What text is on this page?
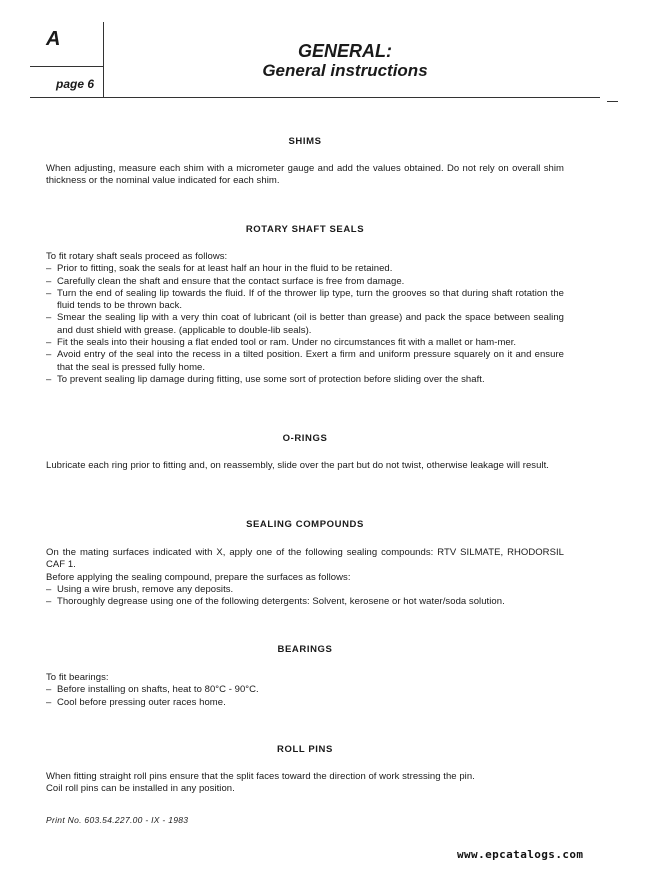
A
page 6
GENERAL:
General instructions
SHIMS
When adjusting, measure each shim with a micrometer gauge and add the values obtained. Do not rely on overall shim thickness or the nominal value indicated for each shim.
ROTARY SHAFT SEALS

To fit rotary shaft seals proceed as follows:

– Prior to fitting, soak the seals for at least half an hour in the fluid to be retained.
– Carefully clean the shaft and ensure that the contact surface is free from damage.
– Turn the end of sealing lip towards the fluid. If of the thrower lip type, turn the grooves so that during shaft rotation the fluid tends to be thrown back.
– Smear the sealing lip with a very thin coat of lubricant (oil is better than grease) and pack the space between sealing and dust shield with grease. (applicable to double-lib seals).
– Fit the seals into their housing a flat ended tool or ram. Under no circumstances fit with a mallet or ham-mer.
– Avoid entry of the seal into the recess in a tilted position. Exert a firm and uniform pressure squarely on it and ensure that the seal is pressed fully home.
– To prevent sealing lip damage during fitting, use some sort of protection before sliding over the shaft.
O-RINGS
Lubricate each ring prior to fitting and, on reassembly, slide over the part but do not twist, otherwise leakage will result.
SEALING COMPOUNDS

On the mating surfaces indicated with X, apply one of the following sealing compounds: RTV SILMATE, RHODORSIL CAF 1.

Before applying the sealing compound, prepare the surfaces as follows:

– Using a wire brush, remove any deposits.
– Thoroughly degrease using one of the following detergents: Solvent, kerosene or hot water/soda solution.
BEARINGS

To fit bearings:

– Before installing on shafts, heat to 80°C - 90°C.
– Cool before pressing outer races home.
ROLL PINS

When fitting straight roll pins ensure that the split faces toward the direction of work stressing the pin.

Coil roll pins can be installed in any position.

Print No. 603.54.227.00 - IX - 1983
www.epcatalogs.com
